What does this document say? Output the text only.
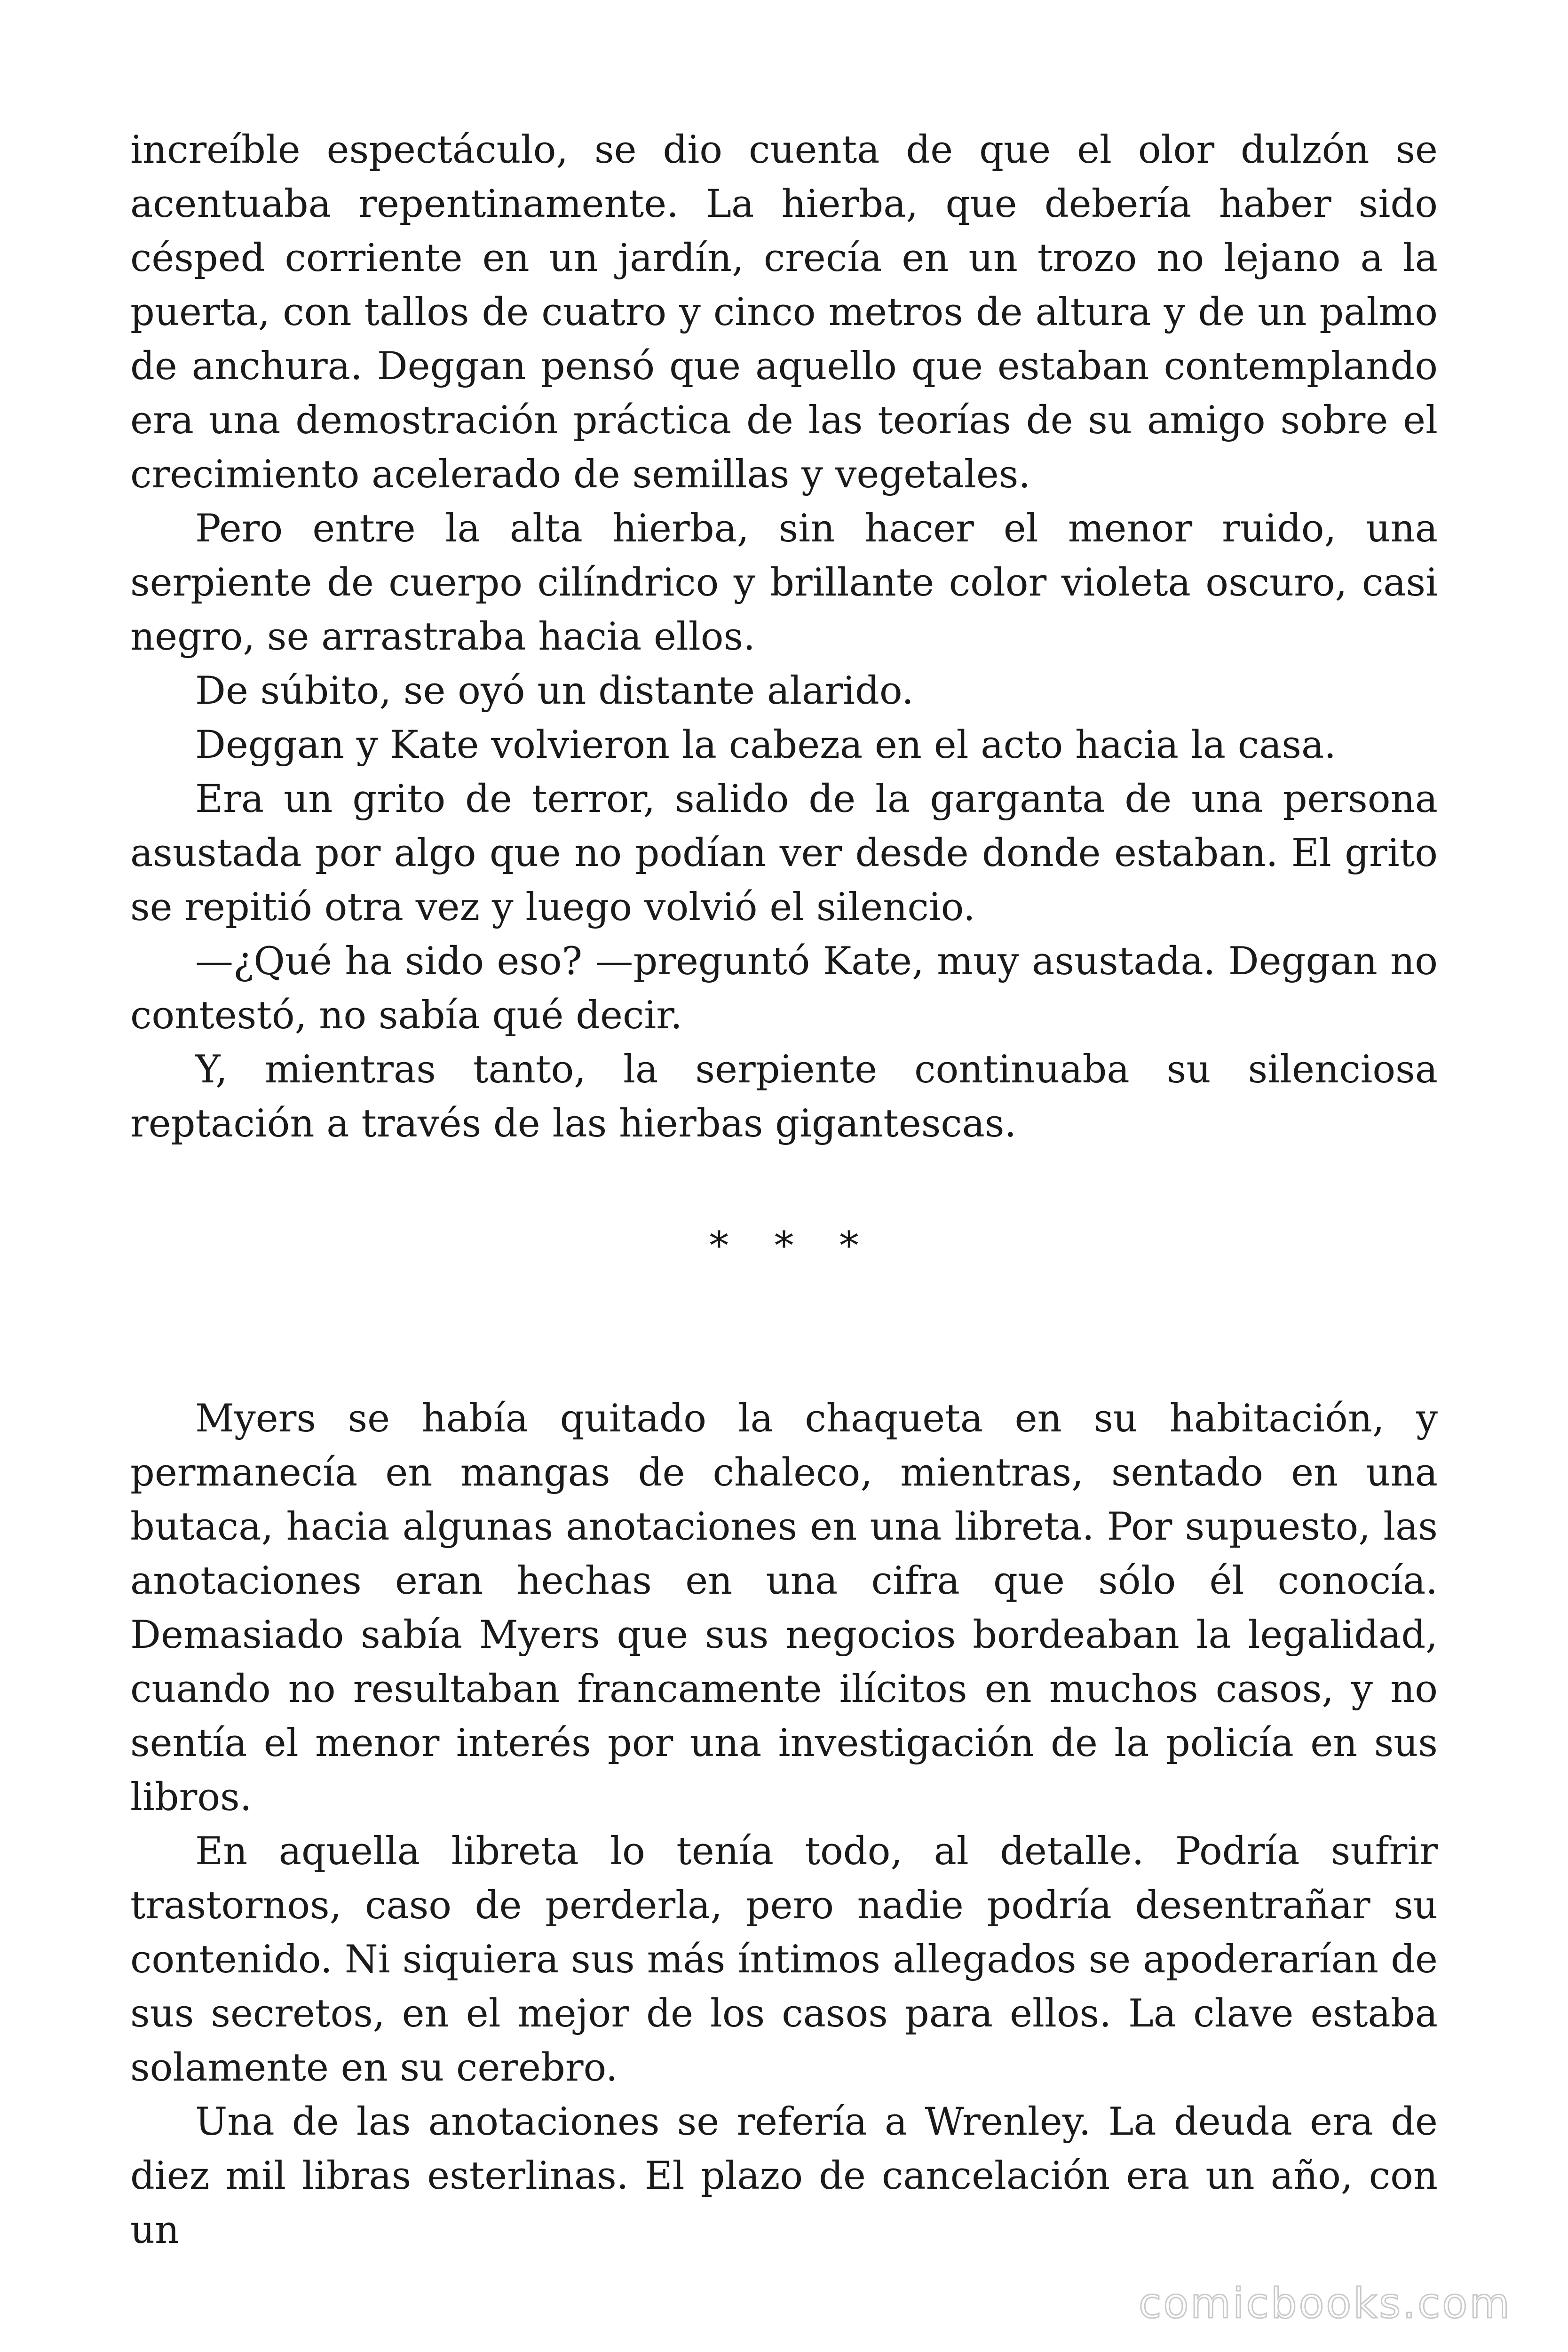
increíble espectáculo, se dio cuenta de que el olor dulzón se acentuaba repentinamente. La hierba, que debería haber sido césped corriente en un jardín, crecía en un trozo no lejano a la puerta, con tallos de cuatro y cinco metros de altura y de un palmo de anchura. Deggan pensó que aquello que estaban contemplando era una demostración práctica de las teorías de su amigo sobre el crecimiento acelerado de semillas y vegetales.

Pero entre la alta hierba, sin hacer el menor ruido, una serpiente de cuerpo cilíndrico y brillante color violeta oscuro, casi negro, se arrastraba hacia ellos.

De súbito, se oyó un distante alarido.

Deggan y Kate volvieron la cabeza en el acto hacia la casa.

Era un grito de terror, salido de la garganta de una persona asustada por algo que no podían ver desde donde estaban. El grito se repitió otra vez y luego volvió el silencio.

—¿Qué ha sido eso? —preguntó Kate, muy asustada. Deggan no contestó, no sabía qué decir.

Y, mientras tanto, la serpiente continuaba su silenciosa reptación a través de las hierbas gigantescas.

* * *

Myers se había quitado la chaqueta en su habitación, y permanecía en mangas de chaleco, mientras, sentado en una butaca, hacia algunas anotaciones en una libreta. Por supuesto, las anotaciones eran hechas en una cifra que sólo él conocía. Demasiado sabía Myers que sus negocios bordeaban la legalidad, cuando no resultaban francamente ilícitos en muchos casos, y no sentía el menor interés por una investigación de la policía en sus libros.

En aquella libreta lo tenía todo, al detalle. Podría sufrir trastornos, caso de perderla, pero nadie podría desentrañar su contenido. Ni siquiera sus más íntimos allegados se apoderarían de sus secretos, en el mejor de los casos para ellos. La clave estaba solamente en su cerebro.

Una de las anotaciones se refería a Wrenley. La deuda era de diez mil libras esterlinas. El plazo de cancelación era un año, con un

comicbooks.com
